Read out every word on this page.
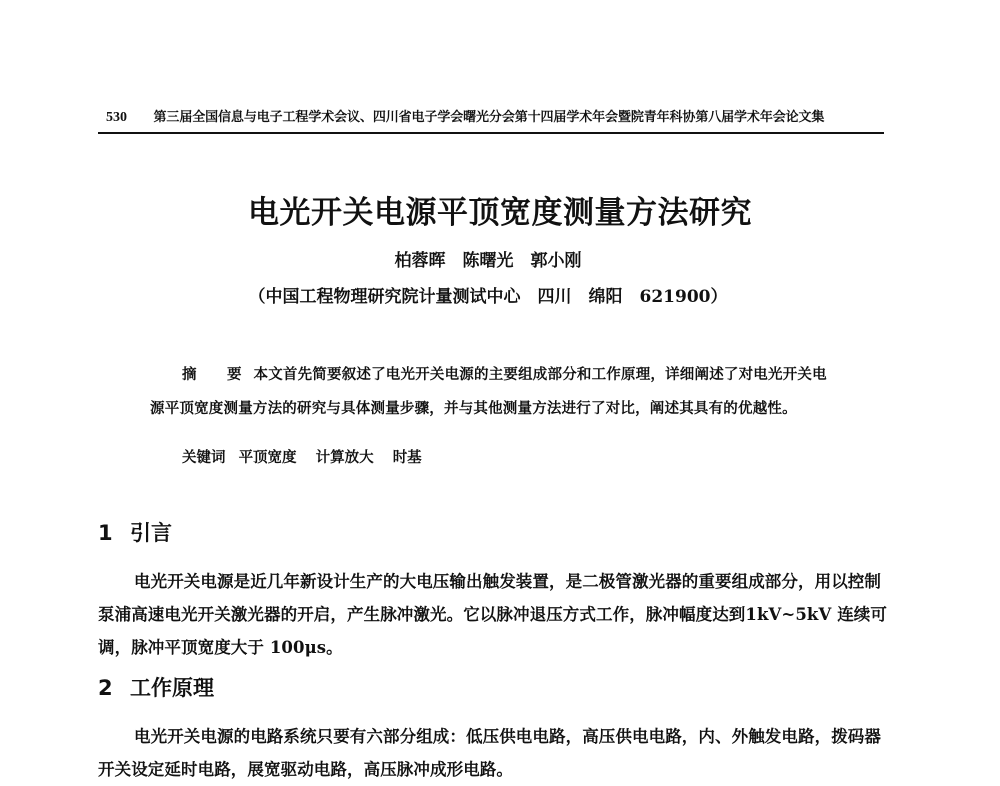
530 第三届全国信息与电子工程学术会议、四川省电子学会曙光分会第十四届学术年会暨院青年科协第八届学术年会论文集
电光开关电源平顶宽度测量方法研究
柏蓉晖　陈曙光　郭小刚
（中国工程物理研究院计量测试中心　四川　绵阳　621900）

摘　要 本文首先简要叙述了电光开关电源的主要组成部分和工作原理，详细阐述了对电光开关电源平顶宽度测量方法的研究与具体测量步骤，并与其他测量方法进行了对比，阐述其具有的优越性。

关键词 平顶宽度 计算放大 时基
1 引言

电光开关电源是近几年新设计生产的大电压输出触发装置，是二极管激光器的重要组成部分，用以控制泵浦高速电光开关激光器的开启，产生脉冲激光。它以脉冲退压方式工作，脉冲幅度达到1kV~5kV 连续可调，脉冲平顶宽度大于 100μs。

2 工作原理

电光开关电源的电路系统只要有六部分组成：低压供电电路，高压供电电路，内、外触发电路，拨码器开关设定延时电路，展宽驱动电路，高压脉冲成形电路。
